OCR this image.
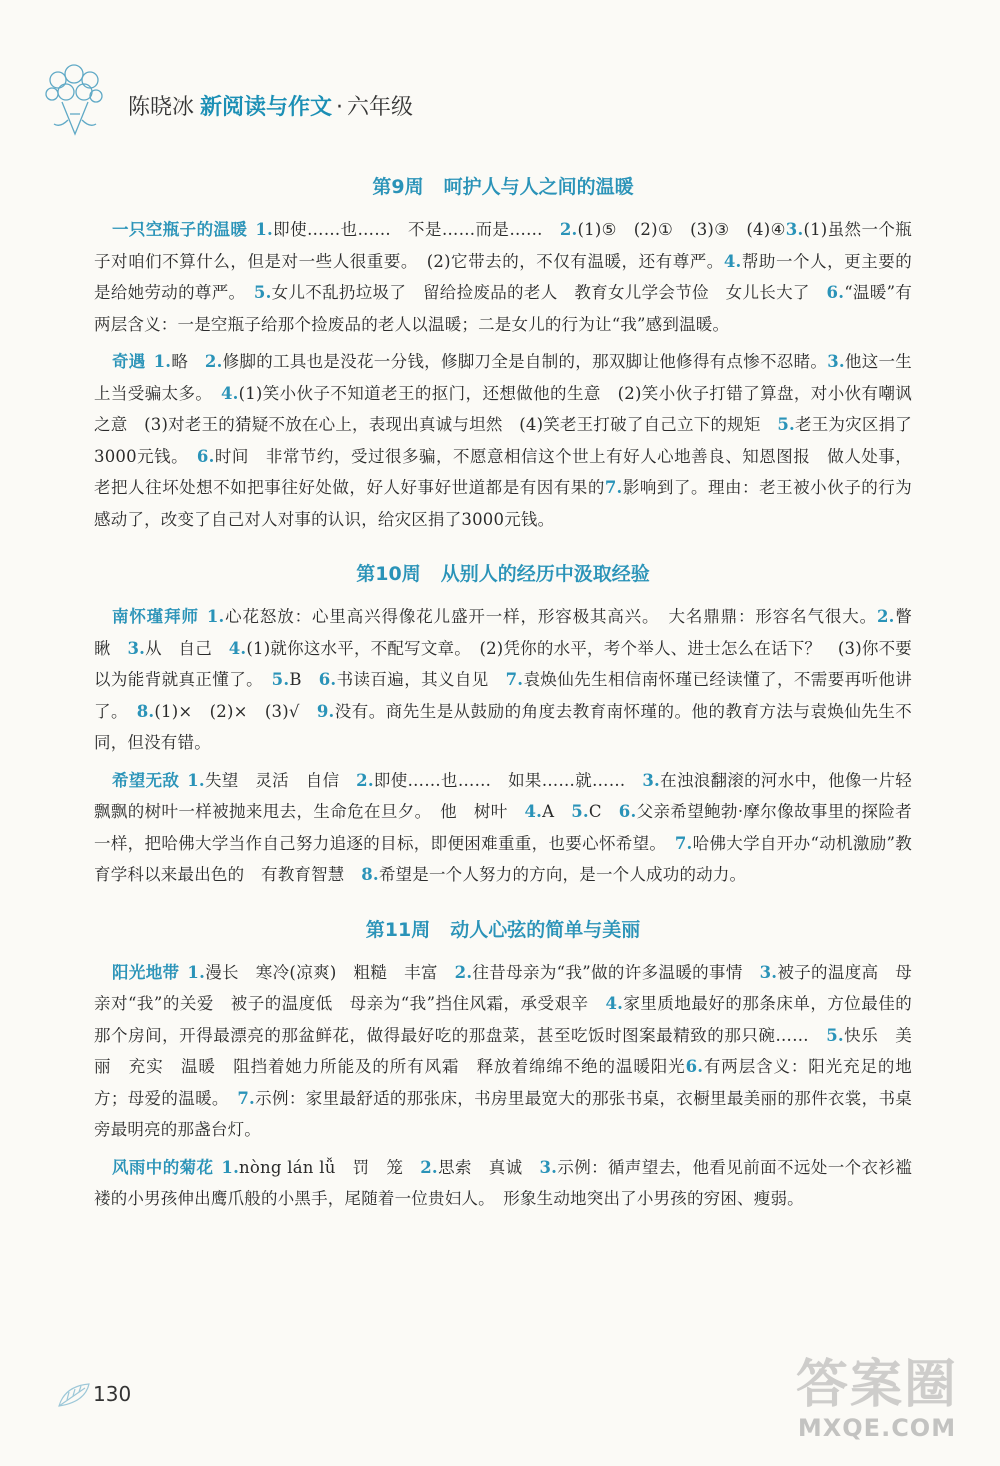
陈晓冰 新阅读与作文 · 六年级
第9周 呵护人与人之间的温暖

一只空瓶子的温暖 1.即使……也……　不是……而是……　2.(1)⑤　(2)①　(3)③　(4)④3.(1)虽然一个瓶子对咱们不算什么，但是对一些人很重要。　(2)它带去的，不仅有温暖，还有尊严。4.帮助一个人，更主要的是给她劳动的尊严。　5.女儿不乱扔垃圾了　留给捡废品的老人　教育女儿学会节俭　女儿长大了　6.“温暖”有两层含义：一是空瓶子给那个捡废品的老人以温暖；二是女儿的行为让“我”感到温暖。

奇遇 1.略　2.修脚的工具也是没花一分钱，修脚刀全是自制的，那双脚让他修得有点惨不忍睹。3.他这一生上当受骗太多。　4.(1)笑小伙子不知道老王的抠门，还想做他的生意　(2)笑小伙子打错了算盘，对小伙有嘲讽之意　(3)对老王的猜疑不放在心上，表现出真诚与坦然　(4)笑老王打破了自己立下的规矩　5.老王为灾区捐了3000元钱。　6.时间　非常节约，受过很多骗，不愿意相信这个世上有好人心地善良、知恩图报　做人处事，老把人往坏处想不如把事往好处做，好人好事好世道都是有因有果的7.影响到了。理由：老王被小伙子的行为感动了，改变了自己对人对事的认识，给灾区捐了3000元钱。

第10周 从别人的经历中汲取经验

南怀瑾拜师 1.心花怒放：心里高兴得像花儿盛开一样，形容极其高兴。　大名鼎鼎：形容名气很大。2.瞥　瞅　3.从　自己　4.(1)就你这水平，不配写文章。　(2)凭你的水平，考个举人、进士怎么在话下？　(3)你不要以为能背就真正懂了。　5.B　6.书读百遍，其义自见　7.袁焕仙先生相信南怀瑾已经读懂了，不需要再听他讲了。　8.(1)×　(2)×　(3)√　9.没有。商先生是从鼓励的角度去教育南怀瑾的。他的教育方法与袁焕仙先生不同，但没有错。

希望无敌 1.失望　灵活　自信　2.即使……也……　如果……就……　3.在浊浪翻滚的河水中，他像一片轻飘飘的树叶一样被抛来甩去，生命危在旦夕。　他　树叶　4.A　5.C　6.父亲希望鲍勃·摩尔像故事里的探险者一样，把哈佛大学当作自己努力追逐的目标，即便困难重重，也要心怀希望。　7.哈佛大学自开办“动机激励”教育学科以来最出色的　有教育智慧　8.希望是一个人努力的方向，是一个人成功的动力。

第11周 动人心弦的简单与美丽

阳光地带 1.漫长　寒冷(凉爽)　粗糙　丰富　2.往昔母亲为“我”做的许多温暖的事情　3.被子的温度高　母亲对“我”的关爱　被子的温度低　母亲为“我”挡住风霜，承受艰辛　4.家里质地最好的那条床单，方位最佳的那个房间，开得最漂亮的那盆鲜花，做得最好吃的那盘菜，甚至吃饭时图案最精致的那只碗……　5.快乐　美丽　充实　温暖　阻挡着她力所能及的所有风霜　释放着绵绵不绝的温暖阳光6.有两层含义：阳光充足的地方；母爱的温暖。　7.示例：家里最舒适的那张床，书房里最宽大的那张书桌，衣橱里最美丽的那件衣裳，书桌旁最明亮的那盏台灯。

风雨中的菊花 1.nòng lán lǚ　罚　笼　2.思索　真诚　3.示例：循声望去，他看见前面不远处一个衣衫褴褛的小男孩伸出鹰爪般的小黑手，尾随着一位贵妇人。　形象生动地突出了小男孩的穷困、瘦弱。

130	答案圈
MXQE.COM
